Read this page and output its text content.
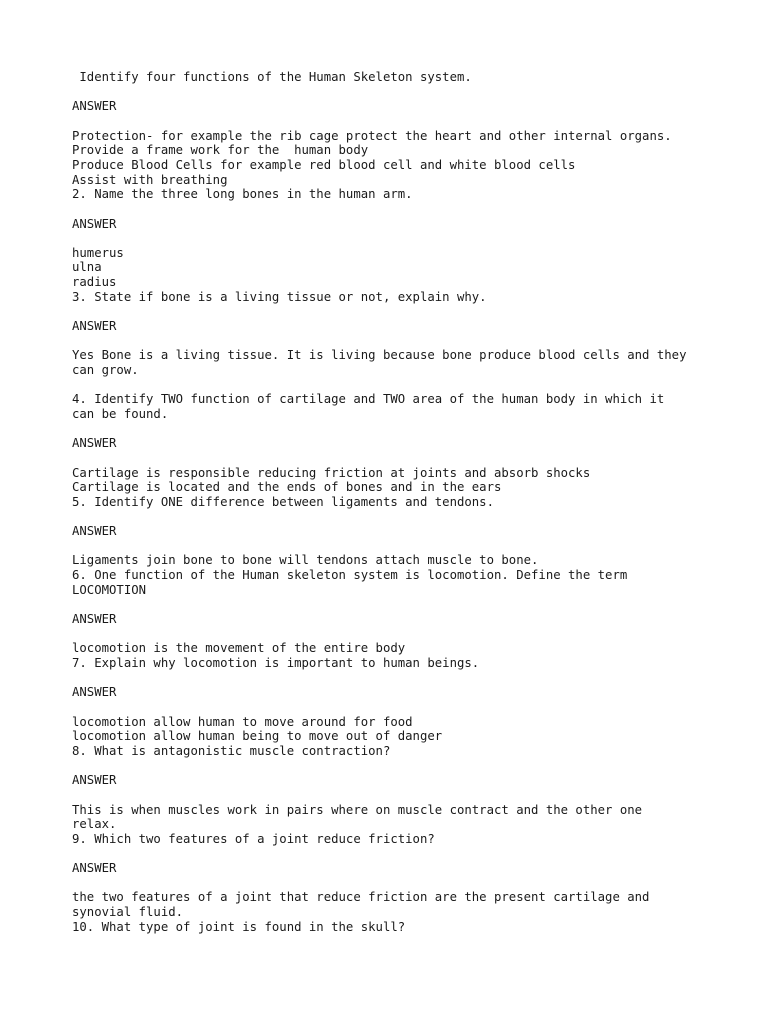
Identify four functions of the Human Skeleton system.
ANSWER
Protection- for example the rib cage protect the heart and other internal organs.
Provide a frame work for the  human body
Produce Blood Cells for example red blood cell and white blood cells
Assist with breathing
2. Name the three long bones in the human arm.
ANSWER
humerus
ulna
radius
3. State if bone is a living tissue or not, explain why.
ANSWER
Yes Bone is a living tissue. It is living because bone produce blood cells and they
can grow.
4. Identify TWO function of cartilage and TWO area of the human body in which it
can be found.
ANSWER
Cartilage is responsible reducing friction at joints and absorb shocks
Cartilage is located and the ends of bones and in the ears
5. Identify ONE difference between ligaments and tendons.
ANSWER
Ligaments join bone to bone will tendons attach muscle to bone.
6. One function of the Human skeleton system is locomotion. Define the term
LOCOMOTION
ANSWER
locomotion is the movement of the entire body
7. Explain why locomotion is important to human beings.
ANSWER
locomotion allow human to move around for food
locomotion allow human being to move out of danger
8. What is antagonistic muscle contraction?
ANSWER
This is when muscles work in pairs where on muscle contract and the other one
relax.
9. Which two features of a joint reduce friction?
ANSWER
the two features of a joint that reduce friction are the present cartilage and
synovial fluid.
10. What type of joint is found in the skull?
